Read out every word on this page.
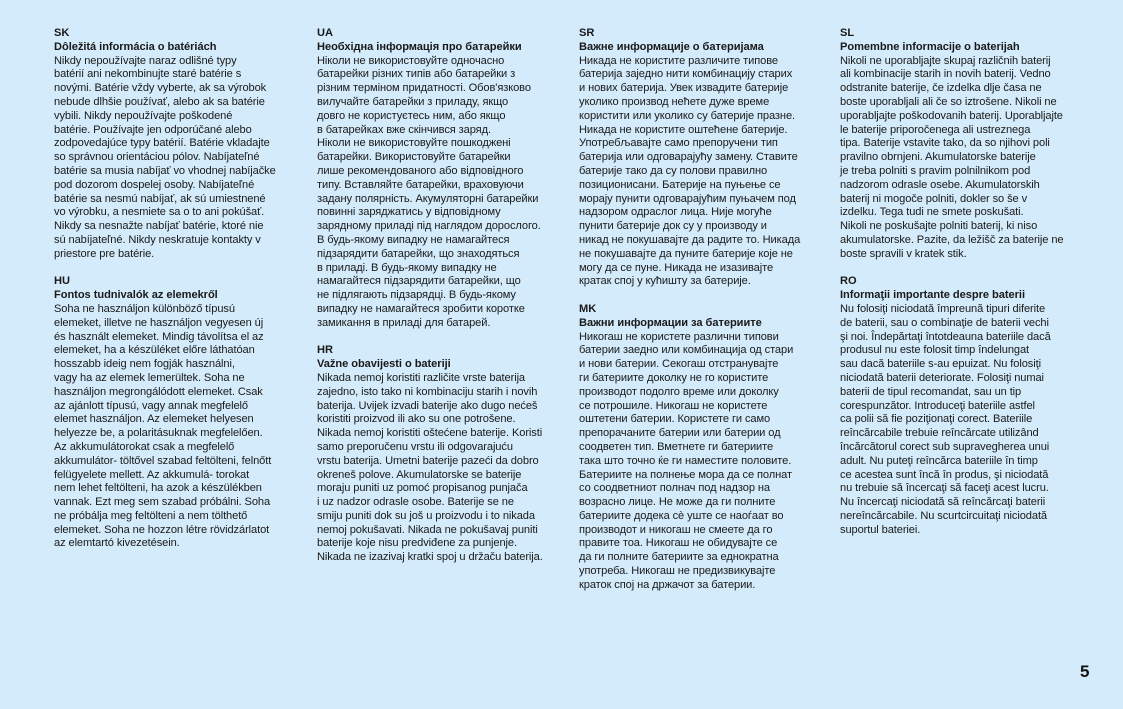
SK
Dôležitá informácia o batériách
Nikdy nepoužívajte naraz odlišné typy
batérií ani nekombinujte staré batérie s
novými. Batérie vždy vyberte, ak sa výrobok
nebude dlhšie používať, alebo ak sa batérie
vybili. Nikdy nepoužívajte poškodené
batérie. Používajte jen odporúčané alebo
zodpovedajúce typy batérií. Batérie vkladajte
so správnou orientáciou pólov. Nabíjateľné
batérie sa musia nabíjať vo vhodnej nabíjačke
pod dozorom dospelej osoby. Nabíjateľné
batérie sa nesmú nabíjať, ak sú umiestnené
vo výrobku, a nesmiete sa o to ani pokúšať.
Nikdy sa nesnažte nabíjať batérie, ktoré nie
sú nabíjateľné. Nikdy neskratuje kontakty v
priestore pre batérie.
HU
Fontos tudnivalók az elemekről
Soha ne használjon különböző típusú
elemeket, illetve ne használjon vegyesen új
és használt elemeket. Mindig távolítsa el az
elemeket, ha a készüléket előre láthatóan
hosszabb ideig nem fogják használni,
vagy ha az elemek lemerültek. Soha ne
használjon megrongálódott elemeket. Csak
az ajánlott típusú, vagy annak megfelelő
elemet használjon. Az elemeket helyesen
helyezze be, a polaritásuknak megfelelően.
Az akkumulátorokat csak a megfelelő
akkumulátor- töltővel szabad feltölteni, felnőtt
felügyelete mellett. Az akkumulá- torokat
nem lehet feltölteni, ha azok a készülékben
vannak. Ezt meg sem szabad próbálni. Soha
ne próbálja meg feltölteni a nem tölthető
elemeket. Soha ne hozzon létre rövidzárlatot
az elemtartó kivezetésein.
UA
Необхідна інформація про батарейки
Ніколи не використовуйте одночасно
батарейки різних типів або батарейки з
різним терміном придатності. Обов'язково
вилучайте батарейки з приладу, якщо
довго не користуєтесь ним, або якщо
в батарейках вже скінчився заряд.
Ніколи не використовуйте пошкоджені
батарейки. Використовуйте батарейки
лише рекомендованого або відповідного
типу. Вставляйте батарейки, враховуючи
задану полярність. Акумуляторні батарейки
повинні заряджатись у відповідному
зарядному приладі під наглядом дорослого.
В будь-якому випадку не намагайтеся
підзарядити батарейки, що знаходяться
в приладі. В будь-якому випадку не
намагайтеся підзарядити батарейки, що
не підлягають підзарядці. В будь-якому
випадку не намагайтеся зробити коротке
замикання в приладі для батарей.
HR
Važne obavijesti o bateriji
Nikada nemoj koristiti različite vrste baterija
zajedno, isto tako ni kombinaciju starih i novih
baterija. Uvijek izvadi baterije ako dugo nećeš
koristiti proizvod ili ako su one potrošene.
Nikada nemoj koristiti oštećene baterije. Koristi
samo preporučenu vrstu ili odgovarajuću
vrstu baterija. Umetni baterije pazeći da dobro
okreneš polove. Akumulatorske se baterije
moraju puniti uz pomoć propisanog punjača
i uz nadzor odrasle osobe. Baterije se ne
smiju puniti dok su još u proizvodu i to nikada
nemoj pokušavati. Nikada ne pokušavaj puniti
baterije koje nisu predviđene za punjenje.
Nikada ne izazivaj kratki spoj u držaču baterija.
SR
Важне информације о батеријама
Никада не користите различите типове
батерија заједно нити комбинацију старих
и нових батерија. Увек извадите батерије
уколико производ нећете дуже време
користити или уколико су батерије празне.
Никада не користите оштећене батерије.
Употребљавајте само препоручени тип
батерија или одговарајућу замену. Ставите
батерије тако да су полови правилно
позиционисани. Батерије на пуњење се
морају пунити одговарајућим пуњачем под
надзором одраслог лица. Није могуће
пунити батерије док су у производу и
никад не покушавајте да радите то. Никада
не покушавајте да пуните батерије које не
могу да се пуне. Никада не изазивајте
кратак спој у кућишту за батерије.
MK
Важни информации за батериите
Никогаш не користете различни типови
батерии заедно или комбинација од стари
и нови батерии. Секогаш отстранувајте
ги батериите доколку не го користите
производот подолго време или доколку
се потрошиле. Никогаш не користете
оштетени батерии. Користете ги само
препорачаните батерии или батерии од
соодветен тип. Вметнете ги батериите
така што точно ќе ги наместите половите.
Батериите на полнење мора да се полнат
со соодветниот полнач под надзор на
возрасно лице. Не може да ги полните
батериите додека сè уште се наоѓаат во
производот и никогаш не смеете да го
правите тоа. Никогаш не обидувајте се
да ги полните батериите за еднократна
употреба. Никогаш не предизвикувајте
краток спој на држачот за батерии.
SL
Pomembne informacije o baterijah
Nikoli ne uporabljajte skupaj različnih baterij
ali kombinacije starih in novih baterij. Vedno
odstranite baterije, če izdelka dlje časa ne
boste uporabljali ali če so iztrošene. Nikoli ne
uporabljajte poškodovanih baterij. Uporabljajte
le baterije priporočenega ali ustreznega
tipa. Baterije vstavite tako, da so njihovi poli
pravilno obrnjeni. Akumulatorske baterije
je treba polniti s pravim polnilnikom pod
nadzorom odrasle osebe. Akumulatorskih
baterij ni mogoče polniti, dokler so še v
izdelku. Tega tudi ne smete poskušati.
Nikoli ne poskušajte polniti baterij, ki niso
akumulatorske. Pazite, da ležišč za baterije ne
boste spravili v kratek stik.
RO
Informaţii importante despre baterii
Nu folosiţi niciodată împreună tipuri diferite
de baterii, sau o combinaţie de baterii vechi
şi noi. Îndepărtaţi întotdeauna bateriile dacă
produsul nu este folosit timp îndelungat
sau dacă bateriile s-au epuizat. Nu folosiţi
niciodată baterii deteriorate. Folosiţi numai
baterii de tipul recomandat, sau un tip
corespunzător. Introduceţi bateriile astfel
ca polii să fie poziţionaţi corect. Bateriile
reîncărcabile trebuie reîncărcate utilizând
încărcătorul corect sub supravegherea unui
adult. Nu puteţi reîncărca bateriile în timp
ce acestea sunt încă în produs, şi niciodată
nu trebuie să încercaţi să faceţi acest lucru.
Nu încercaţi niciodată să reîncărcaţi baterii
nereîncărcabile. Nu scurtcircuitaţi niciodată
suportul bateriei.
5
